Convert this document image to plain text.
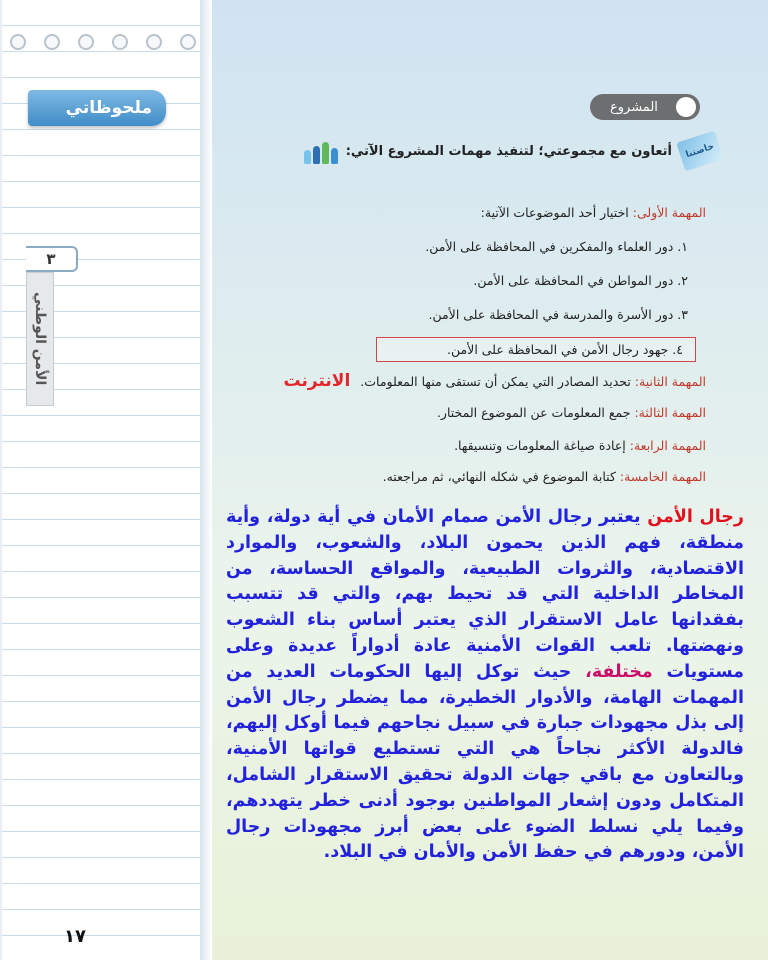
ملحوظاتي
٣
الأمن الوطني
١٧
المشروع
خاصتنا
أتعاون مع مجموعتي؛ لتنفيذ مهمات المشروع الآتي:
المهمة الأولى: اختيار أحد الموضوعات الآتية:
١. دور العلماء والمفكرين في المحافظة على الأمن.
٢. دور المواطن في المحافظة على الأمن.
٣. دور الأسرة والمدرسة في المحافظة على الأمن.
٤. جهود رجال الأمن في المحافظة على الأمن.
المهمة الثانية: تحديد المصادر التي يمكن أن تستقى منها المعلومات. الانترنت
المهمة الثالثة: جمع المعلومات عن الموضوع المختار.
المهمة الرابعة: إعادة صياغة المعلومات وتنسيقها.
المهمة الخامسة: كتابة الموضوع في شكله النهائي، ثم مراجعته.
رجال الأمن يعتبر رجال الأمن صمام الأمان في أية دولة، وأية منطقة، فهم الذين يحمون البلاد، والشعوب، والموارد الاقتصادية، والثروات الطبيعية، والمواقع الحساسة، من المخاطر الداخلية التي قد تحيط بهم، والتي قد تتسبب بفقدانها عامل الاستقرار الذي يعتبر أساس بناء الشعوب ونهضتها. تلعب القوات الأمنية عادة أدواراً عديدة وعلى مستويات مختلفة، حيث توكل إليها الحكومات العديد من المهمات الهامة، والأدوار الخطيرة، مما يضطر رجال الأمن إلى بذل مجهودات جبارة في سبيل نجاحهم فيما أوكل إليهم، فالدولة الأكثر نجاحاً هي التي تستطيع قواتها الأمنية، وبالتعاون مع باقي جهات الدولة تحقيق الاستقرار الشامل، المتكامل ودون إشعار المواطنين بوجود أدنى خطر يتهددهم، وفيما يلي نسلط الضوء على بعض أبرز مجهودات رجال الأمن، ودورهم في حفظ الأمن والأمان في البلاد.
